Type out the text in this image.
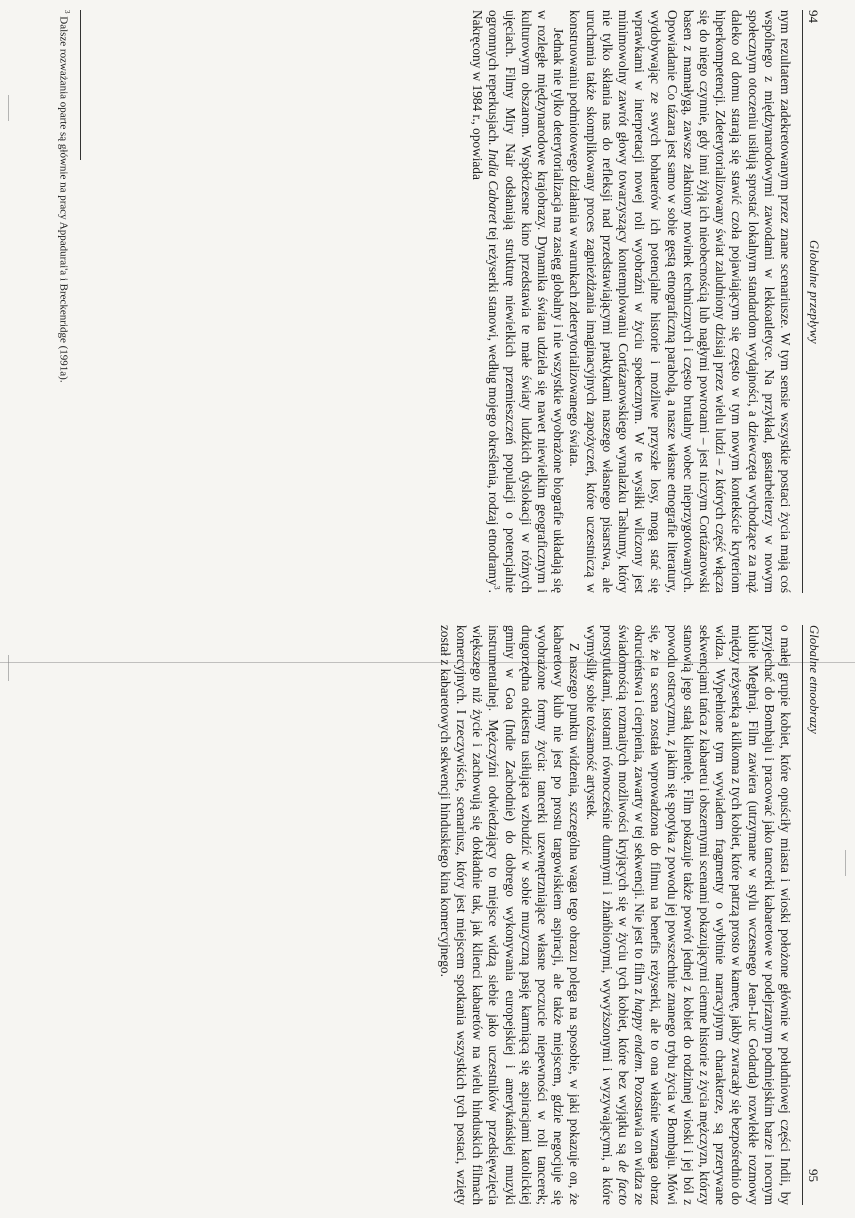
94
Globalne przepływy

nym rezultatem zadekretowanym przez znane scenariusze. W tym sensie wszystkie postaci życia mają coś wspólnego z międzynarodowymi zawodami w lekkoatletyce. Na przykład, gastarbeiterzy w nowym społecznym otoczeniu usiłują sprostać lokalnym standardom wydajności, a dziewczęta wychodzące za mąż daleko od domu starają się stawić czoła pojawiającym się często w tym nowym kontekście kryteriom hiperkompetencji. Zdeterytorializowany świat zaludniony dzisiaj przez wielu ludzi – z których część włącza się do niego czynnie, gdy inni żyją ich nieobecnością lub nagłymi powrotami – jest niczym Cortázarowski basen z mamałygą, zawsze złakniony nowinek technicznych i często brutalny wobec nieprzygotowanych. Opowiadanie Co tázara jest samo w sobie gęstą etnograficzną parabolą, a nasze własne etnografie literatury, wydobywając ze swych bohaterów ich potencjalne historie i możliwe przyszłe losy, mogą stać się wprawkami w interpretacji nowej roli wyobraźni w życiu społecznym. W te wysiłki wliczony jest minimowolny zawrót głowy towarzyszący kontemplowaniu Cortázarowskiego wynalazku Tashumy, który nie tylko skłania nas do refleksji nad przedstawiającymi praktykami naszego własnego pisarstwa, ale uruchamia także skomplikowany proces zagnieżdżania imaginacyjnych zapożyczeń, które uczestniczą w konstruowaniu podmiotowego działania w warunkach zdeterytorializowanego świata.

Jednak nie tylko deterytorializacja ma zasięg globalny i nie wszystkie wyobrażone biografie układają się w rozległe międzynarodowe krajobrazy. Dynamika świata udziela się nawet niewielkim geograficznym i kulturowym obszarom. Współczesne kino przedstawia te małe światy ludzkich dyslokacji w różnych ujęciach. Filmy Miry Nair odsłaniają strukturę niewielkich przemieszczeń populacji o potencjalnie ogromnych reperkusjach. India Cabaret tej reżyserki stanowi, według mojego określenia, rodzaj etnodramy$^3$. Nakręcony w 1984 r., opowiada

$^3$ Dalsze rozważania oparte są głównie na pracy Appadurai'a i Breckenridge (1991a).
Globalne etnoobrazy
95

o małej grupie kobiet, które opuściły miasta i wioski położone głównie w południowej części Indii, by przyjechać do Bombaju i pracować jako tancerki kabaretowe w podejrzanym podmiejskim barze i nocnym klubie Meghraj. Film zawiera (utrzymane w stylu wczesnego Jean-Luc Godarda) rozwlekłe rozmowy między reżyserką a kilkoma z tych kobiet, które patrzą prosto w kamerę, jakby zwracały się bezpośrednio do widza. Wypełnione tym wywiadem fragmenty o wybitnie narracyjnym charakterze, są przerywane sekwencjami tańca z kabaretu i obszernymi scenami pokazującymi ciemne historie z życia mężczyzn, którzy stanowią jego stałą klientelę. Film pokazuje także powrót jednej z kobiet do rodzinnej wioski i jej ból z powodu ostracyzmu, z jakim się spotyka z powodu jej powszechnie znanego trybu życia w Bombaju. Mówi się, że ta scena została wprowadzona do filmu na benefis reżyserki, ale to ona właśnie wznaga obraz okrucieństwa i cierpienia, zawarty w tej sekwencji. Nie jest to film z happy endem. Pozostawia on widza ze świadomością rozmaitych możliwości kryjących się w życiu tych kobiet, które bez wyjątku są de facto prostytutkami, istotami równocześnie dumnymi i zhańbionymi, wywyższonymi i wyzywającymi, a które wymyśliły sobie tożsamość artystek.

Z naszego punktu widzenia, szczególna waga tego obrazu polega na sposobie, w jaki pokazuje on, że kabaretowy klub nie jest po prostu targowiskiem aspiracji, ale także miejscem, gdzie negocjuje się wyobrażone formy życia: tancerki uzewnętrzniające własne poczucie niepewności w roli tancerek; drugorzędna orkiestra usiłująca wzbudzić w sobie muzyczną pasję karmiącą się aspiracjami katolickiej gminy w Goa (Indie Zachodnie) do dobrego wykonywania europejskiej i amerykańskiej muzyki instrumentalnej. Mężczyźni odwiedzający to miejsce widzą siebie jako uczestników przedsięwzięcia większego niż życie i zachowują się dokładnie tak, jak klienci kabaretów na wielu hinduskich filmach komercyjnych. I rzeczywiście, scenariusz, który jest miejscem spotkania wszystkich tych postaci, wzięty został z kabaretowych sekwencji hinduskiego kina komercyjnego.
